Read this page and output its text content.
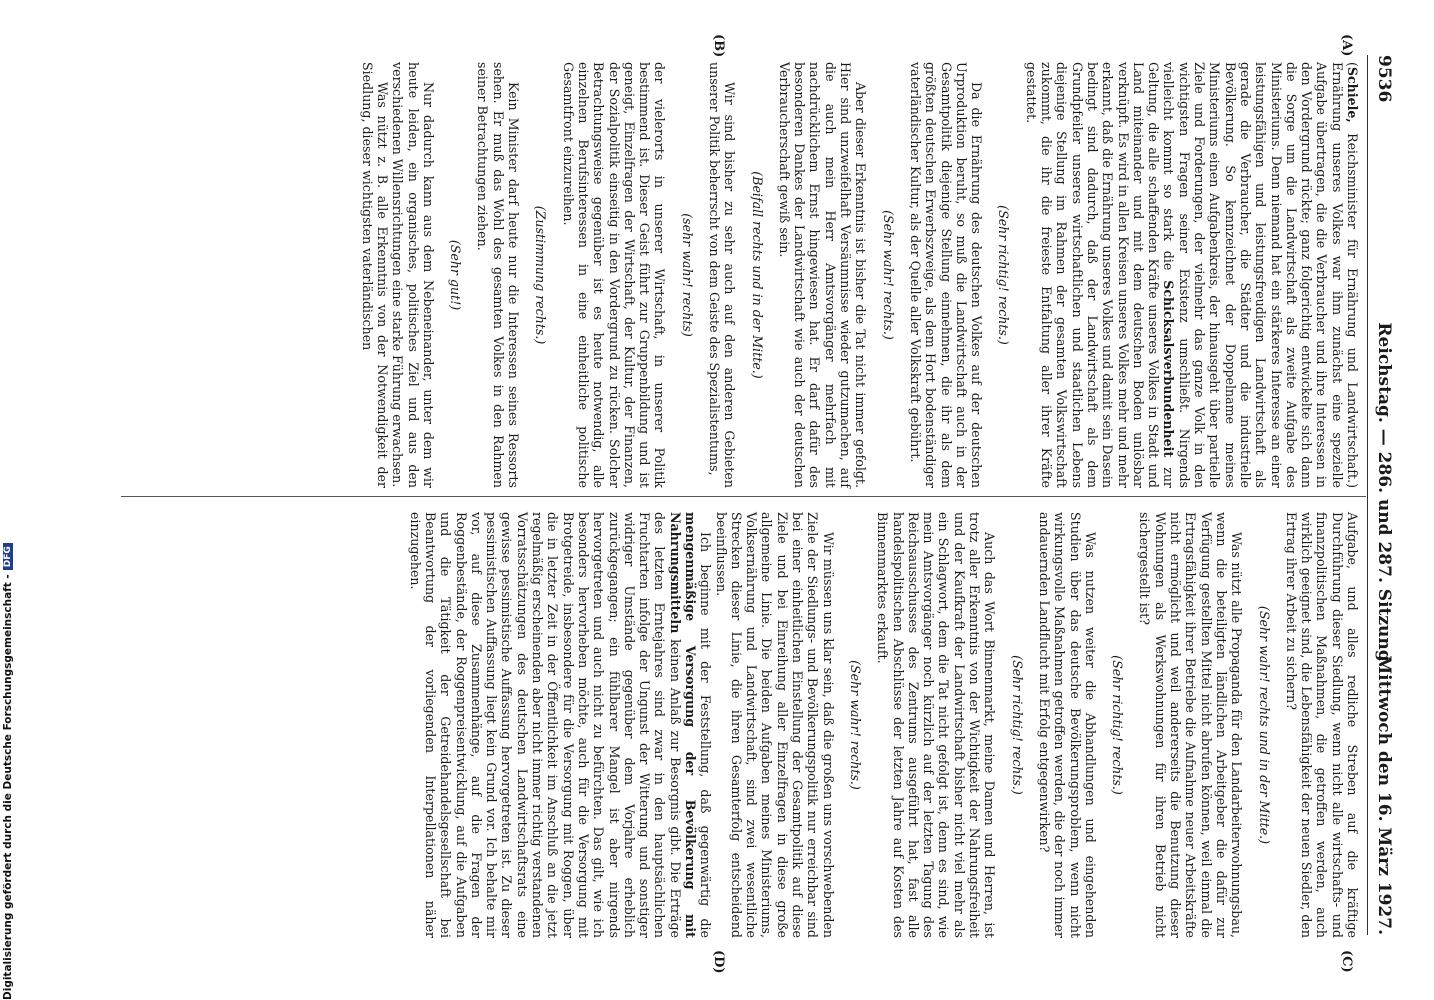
9536
Reichstag. — 286. und 287. Sitzung.
Mittwoch den 16. März 1927.
(A)
(B)
(C)
(D)

(Schiele, Reichsminister für Ernährung und Landwirtschaft.) Ernährung unseres Volkes war ihm zunächst eine spezielle Aufgabe übertragen, die die Verbraucher und ihre Interessen in den Vordergrund rückte; ganz folgerichtig entwickelte sich dann die Sorge um die Landwirtschaft als zweite Aufgabe des Ministeriums. Denn niemand hat ein stärkeres Interesse an einer leistungsfähigen und leistungsfreudigen Landwirtschaft als gerade die Verbraucher, die Städter und die industrielle Bevölkerung. So kennzeichnet der Doppelname meines Ministeriums einen Aufgabenkreis, der hinausgeht über partielle Ziele und Forderungen, der vielmehr das ganze Volk in den wichtigsten Fragen seiner Existenz umschließt. Nirgends vielleicht kommt so stark die Schicksalsverbundenheit zur Geltung, die alle schaffenden Kräfte unseres Volkes in Stadt und Land miteinander und mit dem deutschen Boden unlösbar verknüpft. Es wird in allen Kreisen unseres Volkes mehr und mehr erkannt, daß die Ernährung unseres Volkes und damit sein Dasein bedingt sind dadurch, daß der Landwirtschaft als dem Grundpfeiler unseres wirtschaftlichen und staatlichen Lebens diejenige Stellung im Rahmen der gesamten Volkswirtschaft zukommt, die ihr die freieste Entfaltung aller ihrer Kräfte gestattet.

(Sehr richtig! rechts.)

Da die Ernährung des deutschen Volkes auf der deutschen Urproduktion beruht, so muß die Landwirtschaft auch in der Gesamtpolitik diejenige Stellung einnehmen, die ihr als dem größten deutschen Erwerbszweige, als dem Hort bodenständiger vaterländischer Kultur, als der Quelle aller Volkskraft gebührt.

(Sehr wahr! rechts.)

Aber dieser Erkenntnis ist bisher die Tat nicht immer gefolgt. Hier sind unzweifelhaft Versäumnisse wieder gutzumachen, auf die auch mein Herr Amtsvorgänger mehrfach mit nachdrücklichem Ernst hingewiesen hat. Er darf dafür des besonderen Dankes der Landwirtschaft wie auch der deutschen Verbraucherschaft gewiß sein.

(Beifall rechts und in der Mitte.)

Wir sind bisher zu sehr auch auf den anderen Gebieten unserer Politik beherrscht von dem Geiste des Spezialistentums,

(sehr wahr! rechts)

der vielerorts in unserer Wirtschaft, in unserer Politik bestimmend ist. Dieser Geist führt zur Gruppenbildung und ist geneigt, Einzelfragen der Wirtschaft, der Kultur, der Finanzen, der Sozialpolitik einseitig in den Vordergrund zu rücken. Solcher Betrachtungsweise gegenüber ist es heute notwendig, alle einzelnen Berufsinteressen in eine einheitliche politische Gesamtfront einzureihen.

(Zustimmung rechts.)

Kein Minister darf heute nur die Interessen seines Ressorts sehen. Er muß das Wohl des gesamten Volkes in den Rahmen seiner Betrachtungen ziehen.

(Sehr gut!)

Nur dadurch kann aus dem Nebeneinander, unter dem wir heute leiden, ein organisches, politisches Ziel und aus den verschiedenen Willensrichtungen eine starke Führung erwachsen.

Was nützt z. B. alle Erkenntnis von der Notwendigkeit der Siedlung, dieser wichtigsten vaterländischen

Aufgabe, und alles redliche Streben auf die kräftige Durchführung dieser Siedlung, wenn nicht alle wirtschafts- und finanzpolitischen Maßnahmen, die getroffen werden, auch wirklich geeignet sind, die Lebensfähigkeit der neuen Siedler, den Ertrag ihrer Arbeit zu sichern?

(Sehr wahr! rechts und in der Mitte.)

Was nützt alle Propaganda für den Landarbeiterwohnungsbau, wenn die beteiligten ländlichen Arbeitgeber die dafür zur Verfügung gestellten Mittel nicht abrufen können, weil einmal die Ertragsfähigkeit ihrer Betriebe die Aufnahme neuer Arbeitskräfte nicht ermöglicht und weil andererseits die Benutzung dieser Wohnungen als Werkswohnungen für ihren Betrieb nicht sichergestellt ist?

(Sehr richtig! rechts.)

Was nutzen weiter die Abhandlungen und eingehenden Studien über das deutsche Bevölkerungsproblem, wenn nicht wirkungsvolle Maßnahmen getroffen werden, die der noch immer andauernden Landflucht mit Erfolg entgegenwirken?

(Sehr richtig! rechts.)

Auch das Wort Binnenmarkt, meine Damen und Herren, ist trotz aller Erkenntnis von der Wichtigkeit der Nahrungsfreiheit und der Kaufkraft der Landwirtschaft bisher nicht viel mehr als ein Schlagwort, dem die Tat nicht gefolgt ist, denn es sind, wie mein Amtsvorgänger noch kürzlich auf der letzten Tagung des Reichsausschusses des Zentrums ausgeführt hat, fast alle handelspolitischen Abschlüsse der letzten Jahre auf Kosten des Binnenmarktes erkauft.

(Sehr wahr! rechts.)

Wir müssen uns klar sein, daß die großen uns vorschwebenden Ziele der Siedlungs- und Bevölkerungspolitik nur erreichbar sind bei einer einheitlichen Einstellung der Gesamtpolitik auf diese Ziele und bei Einreihung aller Einzelfragen in diese große allgemeine Linie. Die beiden Aufgaben meines Ministeriums, Volksernährung und Landwirtschaft, sind zwei wesentliche Strecken dieser Linie, die ihren Gesamterfolg entscheidend beeinflussen.

Ich beginne mit der Feststellung, daß gegenwärtig die mengenmäßige Versorgung der Bevölkerung mit Nahrungsmitteln keinen Anlaß zur Besorgnis gibt. Die Erträge des letzten Erntejahres sind zwar in den hauptsächlichen Fruchtarten infolge der Ungunst der Witterung und sonstiger widriger Umstände gegenüber dem Vorjahre erheblich zurückgegangen; ein fühlbarer Mangel ist aber nirgends hervorgetreten und auch nicht zu befürchten. Das gilt, wie ich besonders hervorheben möchte, auch für die Versorgung mit Brotgetreide, insbesondere für die Versorgung mit Roggen, über die in letzter Zeit in der Öffentlichkeit im Anschluß an die jetzt regelmäßig erscheinenden aber nicht immer richtig verstandenen Vorratsschätzungen des deutschen Landwirtschaftsrats eine gewisse pessimistische Auffassung hervorgetreten ist. Zu dieser pessimistischen Auffassung liegt kein Grund vor. Ich behalte mir vor, auf diese Zusammenhänge, auf die Fragen der Roggenbestände, der Roggenpreisentwicklung, auf die Aufgaben und die Tätigkeit der Getreidehandelsgesellschaft bei Beantwortung der vorliegenden Interpellationen näher einzugehen.

Digitalisierung gefördert durch die Deutsche Forschungsgemeinschaft -DFG
